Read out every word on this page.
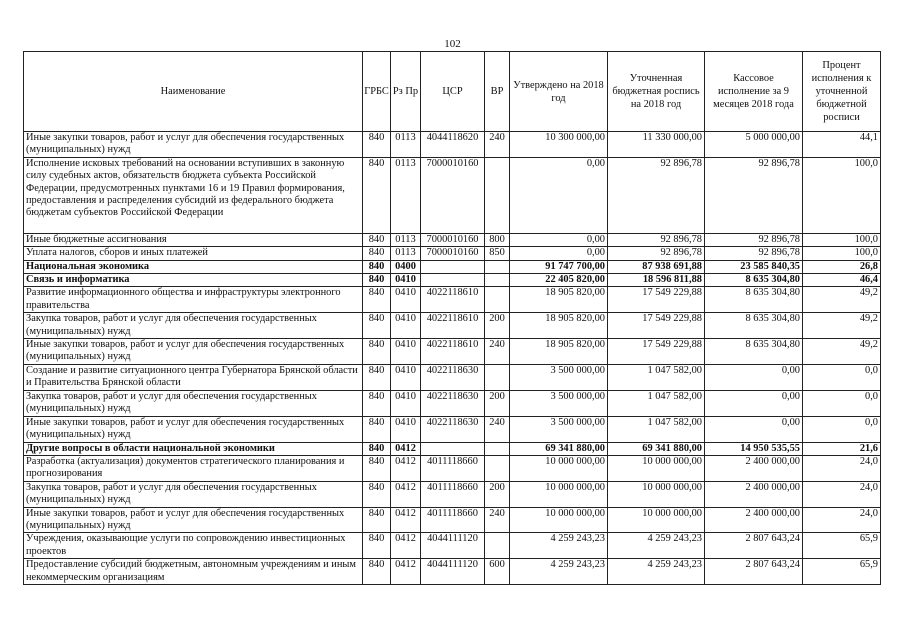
102
Наименование	ГРБС	Рз Пр	ЦСР	ВР	Утверждено на 2018 год	Уточненная бюджетная роспись на 2018 год	Кассовое исполнение за 9 месяцев 2018 года	Процент исполнения к уточненной бюджетной росписи
Иные закупки товаров, работ и услуг для обеспечения государственных (муниципальных) нужд	840	0113	4044118620	240	10 300 000,00	11 330 000,00	5 000 000,00	44,1
Исполнение исковых требований на основании вступивших в законную силу судебных актов, обязательств бюджета субъекта Российской Федерации, предусмотренных пунктами 16 и 19 Правил формирования, предоставления и распределения субсидий из федерального бюджета бюджетам субъектов Российской Федерации	840	0113	7000010160		0,00	92 896,78	92 896,78	100,0
Иные бюджетные ассигнования	840	0113	7000010160	800	0,00	92 896,78	92 896,78	100,0
Уплата налогов, сборов и иных платежей	840	0113	7000010160	850	0,00	92 896,78	92 896,78	100,0
Национальная экономика	840	0400			91 747 700,00	87 938 691,88	23 585 840,35	26,8
Связь и информатика	840	0410			22 405 820,00	18 596 811,88	8 635 304,80	46,4
Развитие информационного общества и инфраструктуры электронного правительства	840	0410	4022118610		18 905 820,00	17 549 229,88	8 635 304,80	49,2
Закупка товаров, работ и услуг для обеспечения государственных (муниципальных) нужд	840	0410	4022118610	200	18 905 820,00	17 549 229,88	8 635 304,80	49,2
Иные закупки товаров, работ и услуг для обеспечения государственных (муниципальных) нужд	840	0410	4022118610	240	18 905 820,00	17 549 229,88	8 635 304,80	49,2
Создание и развитие ситуационного центра Губернатора Брянской области и Правительства Брянской области	840	0410	4022118630		3 500 000,00	1 047 582,00	0,00	0,0
Закупка товаров, работ и услуг для обеспечения государственных (муниципальных) нужд	840	0410	4022118630	200	3 500 000,00	1 047 582,00	0,00	0,0
Иные закупки товаров, работ и услуг для обеспечения государственных (муниципальных) нужд	840	0410	4022118630	240	3 500 000,00	1 047 582,00	0,00	0,0
Другие вопросы в области национальной экономики	840	0412			69 341 880,00	69 341 880,00	14 950 535,55	21,6
Разработка (актуализация) документов стратегического планирования и прогнозирования	840	0412	4011118660		10 000 000,00	10 000 000,00	2 400 000,00	24,0
Закупка товаров, работ и услуг для обеспечения государственных (муниципальных) нужд	840	0412	4011118660	200	10 000 000,00	10 000 000,00	2 400 000,00	24,0
Иные закупки товаров, работ и услуг для обеспечения государственных (муниципальных) нужд	840	0412	4011118660	240	10 000 000,00	10 000 000,00	2 400 000,00	24,0
Учреждения, оказывающие услуги по сопровождению инвестиционных проектов	840	0412	4044111120		4 259 243,23	4 259 243,23	2 807 643,24	65,9
Предоставление субсидий бюджетным, автономным учреждениям и иным некоммерческим организациям	840	0412	4044111120	600	4 259 243,23	4 259 243,23	2 807 643,24	65,9
